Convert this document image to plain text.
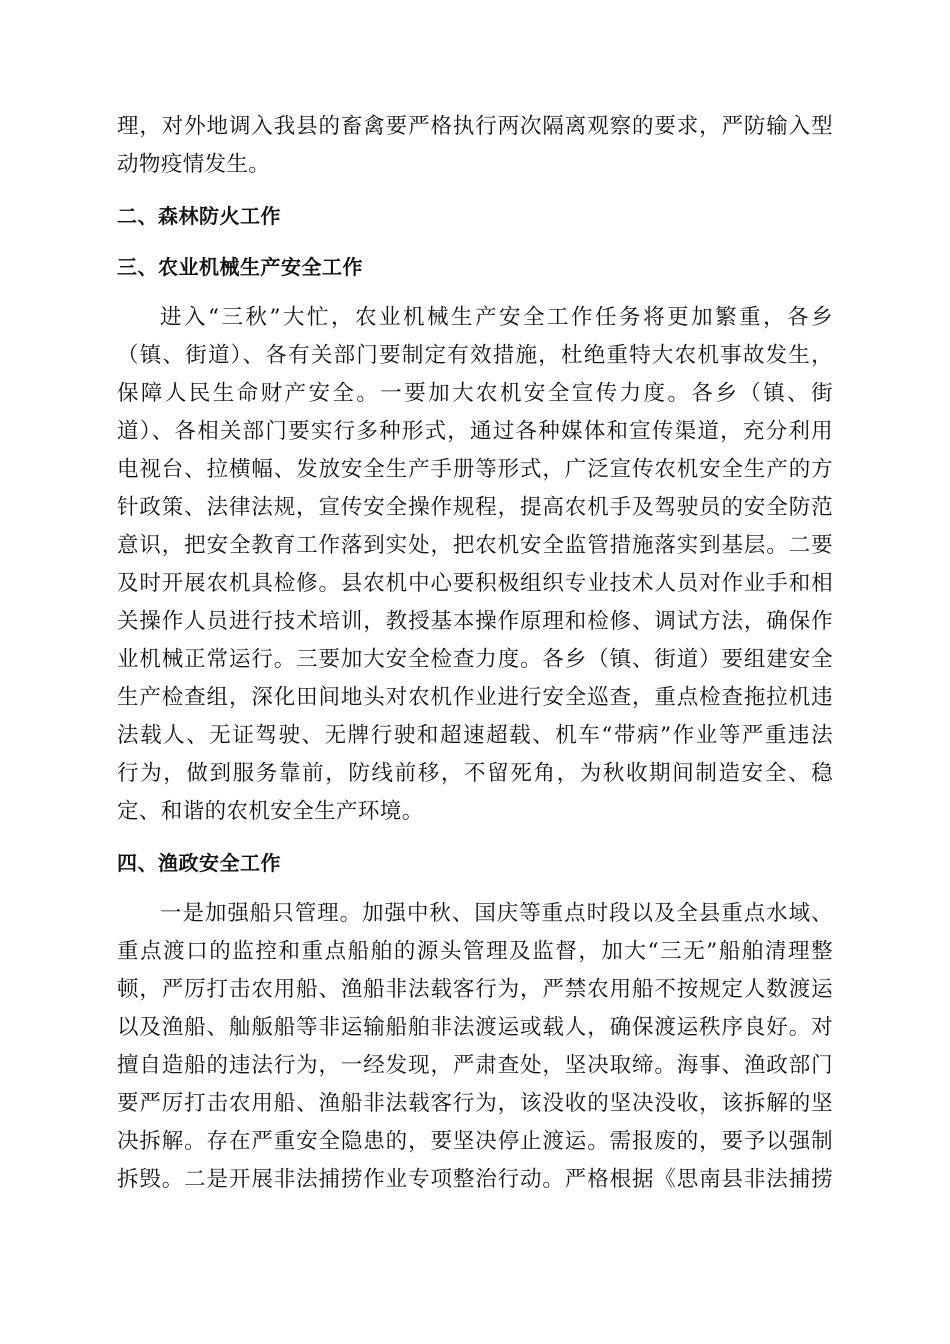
理，对外地调入我县的畜禽要严格执行两次隔离观察的要求，严防输入型
动物疫情发生。
二、森林防火工作
三、农业机械生产安全工作
进入“三秋”大忙，农业机械生产安全工作任务将更加繁重，各乡
（镇、街道）、各有关部门要制定有效措施，杜绝重特大农机事故发生，
保障人民生命财产安全。一要加大农机安全宣传力度。各乡（镇、街
道）、各相关部门要实行多种形式，通过各种媒体和宣传渠道，充分利用
电视台、拉横幅、发放安全生产手册等形式，广泛宣传农机安全生产的方
针政策、法律法规，宣传安全操作规程，提高农机手及驾驶员的安全防范
意识，把安全教育工作落到实处，把农机安全监管措施落实到基层。二要
及时开展农机具检修。县农机中心要积极组织专业技术人员对作业手和相
关操作人员进行技术培训，教授基本操作原理和检修、调试方法，确保作
业机械正常运行。三要加大安全检查力度。各乡（镇、街道）要组建安全
生产检查组，深化田间地头对农机作业进行安全巡查，重点检查拖拉机违
法载人、无证驾驶、无牌行驶和超速超载、机车“带病”作业等严重违法
行为，做到服务靠前，防线前移，不留死角，为秋收期间制造安全、稳
定、和谐的农机安全生产环境。
四、渔政安全工作
一是加强船只管理。加强中秋、国庆等重点时段以及全县重点水域、
重点渡口的监控和重点船舶的源头管理及监督，加大“三无”船舶清理整
顿，严厉打击农用船、渔船非法载客行为，严禁农用船不按规定人数渡运
以及渔船、舢舨船等非运输船舶非法渡运或载人，确保渡运秩序良好。对
擅自造船的违法行为，一经发现，严肃查处，坚决取缔。海事、渔政部门
要严厉打击农用船、渔船非法载客行为，该没收的坚决没收，该拆解的坚
决拆解。存在严重安全隐患的，要坚决停止渡运。需报废的，要予以强制
拆毁。二是开展非法捕捞作业专项整治行动。严格根据《思南县非法捕捞
